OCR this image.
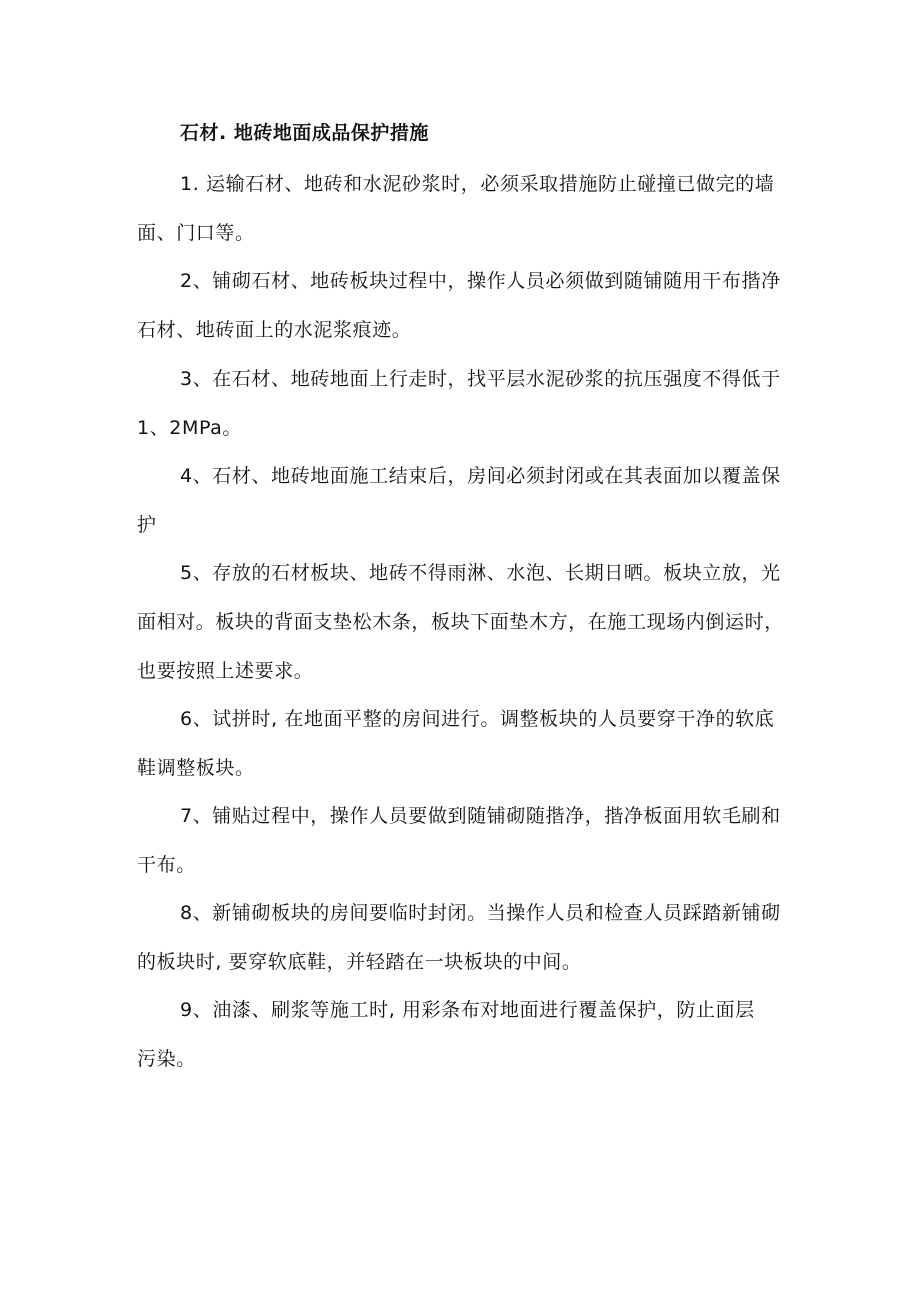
石材. 地砖地面成品保护措施

1. 运输石材、地砖和水泥砂浆时，必须采取措施防止碰撞已做完的墙面、门口等。

2、铺砌石材、地砖板块过程中，操作人员必须做到随铺随用干布揩净石材、地砖面上的水泥浆痕迹。

3、在石材、地砖地面上行走时，找平层水泥砂浆的抗压强度不得低于 1、2MPa。

4、石材、地砖地面施工结束后，房间必须封闭或在其表面加以覆盖保护

5、存放的石材板块、地砖不得雨淋、水泡、长期日晒。板块立放，光面相对。板块的背面支垫松木条，板块下面垫木方，在施工现场内倒运时，也要按照上述要求。

6、试拼时, 在地面平整的房间进行。调整板块的人员要穿干净的软底鞋调整板块。

7、铺贴过程中，操作人员要做到随铺砌随揩净，揩净板面用软毛刷和干布。

8、新铺砌板块的房间要临时封闭。当操作人员和检查人员踩踏新铺砌的板块时, 要穿软底鞋，并轻踏在一块板块的中间。

9、油漆、刷浆等施工时, 用彩条布对地面进行覆盖保护，防止面层污染。
